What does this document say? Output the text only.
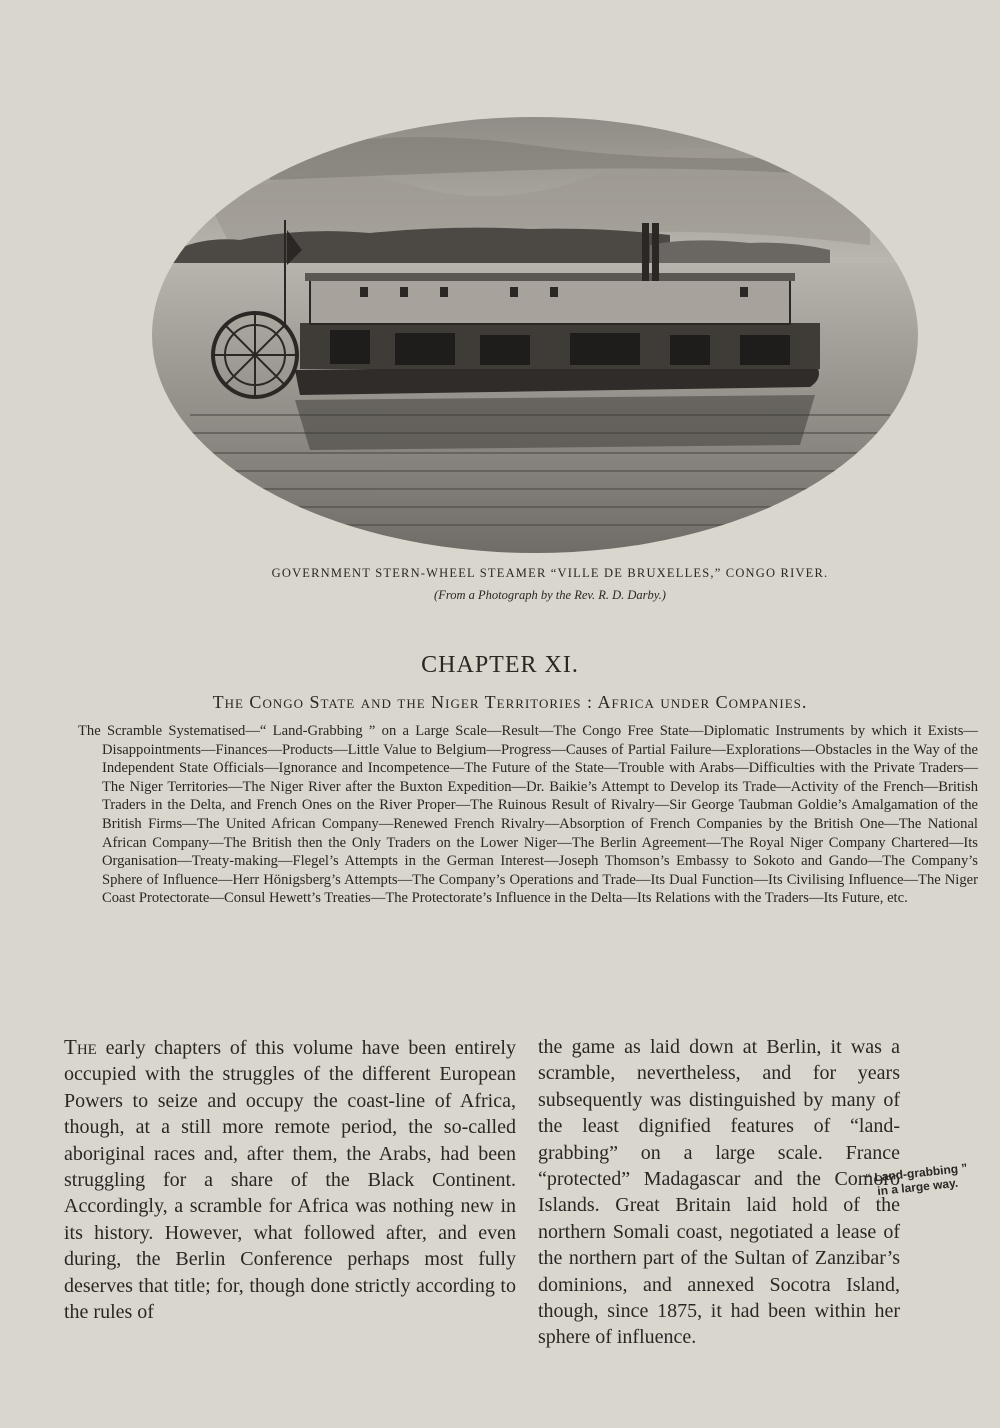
GOVERNMENT STERN-WHEEL STEAMER “VILLE DE BRUXELLES,” CONGO RIVER.
(From a Photograph by the Rev. R. D. Darby.)
CHAPTER XI.
The Congo State and the Niger Territories : Africa under Companies.
The Scramble Systematised—“ Land-Grabbing ” on a Large Scale—Result—The Congo Free State—Diplomatic Instruments by which it Exists—Disappointments—Finances—Products—Little Value to Belgium—Progress—Causes of Partial Failure—Explorations—Obstacles in the Way of the Independent State Officials—Ignorance and Incompetence—The Future of the State—Trouble with Arabs—Difficulties with the Private Traders—The Niger Territories—The Niger River after the Buxton Expedition—Dr. Baikie’s Attempt to Develop its Trade—Activity of the French—British Traders in the Delta, and French Ones on the River Proper—The Ruinous Result of Rivalry—Sir George Taubman Goldie’s Amalgamation of the British Firms—The United African Company—Renewed French Rivalry—Absorption of French Companies by the British One—The National African Company—The British then the Only Traders on the Lower Niger—The Berlin Agreement—The Royal Niger Company Chartered—Its Organisation—Treaty-making—Flegel’s Attempts in the German Interest—Joseph Thomson’s Embassy to Sokoto and Gando—The Company’s Sphere of Influence—Herr Hönigsberg’s Attempts—The Company’s Operations and Trade—Its Dual Function—Its Civilising Influence—The Niger Coast Protectorate—Consul Hewett’s Treaties—The Protectorate’s Influence in the Delta—Its Relations with the Traders—Its Future, etc.
The early chapters of this volume have been entirely occupied with the struggles of the different European Powers to seize and occupy the coast-line of Africa, though, at a still more remote period, the so-called aboriginal races and, after them, the Arabs, had been struggling for a share of the Black Continent. Accordingly, a scramble for Africa was nothing new in its history. However, what followed after, and even during, the Berlin Conference perhaps most fully deserves that title; for, though done strictly according to the rules of
the game as laid down at Berlin, it was a scramble, nevertheless, and for years subsequently was distinguished by many of the least dignified features of “land-grabbing” on a large scale. France “protected” Madagascar and the Comoro Islands. Great Britain laid hold of the northern Somali coast, negotiated a lease of the northern part of the Sultan of Zanzibar’s dominions, and annexed Socotra Island, though, since 1875, it had been within her sphere of influence.
“ Land-grabbing ” in a large way.
